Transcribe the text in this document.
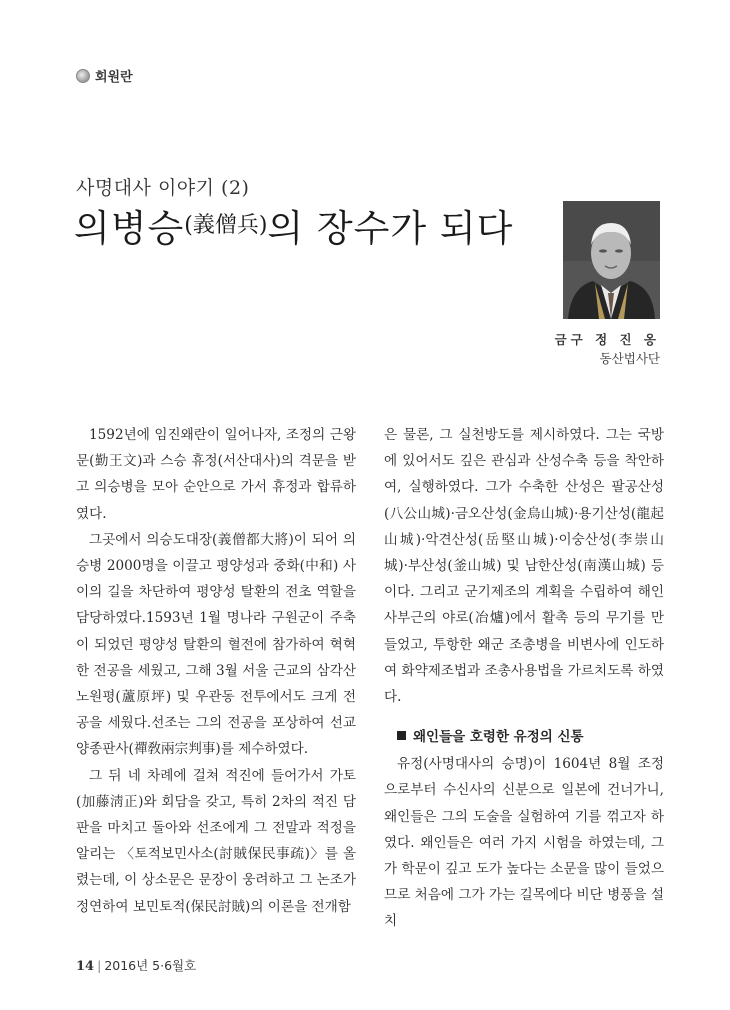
회원란
사명대사 이야기 (2)
의병승$^{(義僧兵)}$의 장수가 되다
금구 정 진 옹
동산법사단

1592년에 임진왜란이 일어나자, 조정의 근왕문(勤王文)과 스승 휴정(서산대사)의 격문을 받고 의승병을 모아 순안으로 가서 휴정과 합류하였다.

그곳에서 의승도대장(義僧都大將)이 되어 의승병 2000명을 이끌고 평양성과 중화(中和) 사이의 길을 차단하여 평양성 탈환의 전초 역할을 담당하였다.1593년 1월 명나라 구원군이 주축이 되었던 평양성 탈환의 혈전에 참가하여 혁혁한 전공을 세웠고, 그해 3월 서울 근교의 삼각산 노원평(蘆原坪) 및 우관동 전투에서도 크게 전공을 세웠다.선조는 그의 전공을 포상하여 선교양종판사(禪敎兩宗判事)를 제수하였다.

그 뒤 네 차례에 걸쳐 적진에 들어가서 가토(加藤淸正)와 회담을 갖고, 특히 2차의 적진 담판을 마치고 돌아와 선조에게 그 전말과 적정을 알리는 〈토적보민사소(討賊保民事疏)〉를 올렸는데, 이 상소문은 문장이 웅려하고 그 논조가 정연하여 보민토적(保民討賊)의 이론을 전개함

은 물론, 그 실천방도를 제시하였다. 그는 국방에 있어서도 깊은 관심과 산성수축 등을 착안하여, 실행하였다. 그가 수축한 산성은 팔공산성(八公山城)·금오산성(金烏山城)·용기산성(龍起山城)·악견산성(岳堅山城)·이숭산성(李崇山城)·부산성(釜山城) 및 남한산성(南漢山城) 등이다. 그리고 군기제조의 계획을 수립하여 해인사부근의 야로(冶爐)에서 활촉 등의 무기를 만들었고, 투항한 왜군 조총병을 비변사에 인도하여 화약제조법과 조총사용법을 가르치도록 하였다.

왜인들을 호령한 유정의 신통

유정(사명대사의 승명)이 1604년 8월 조정으로부터 수신사의 신분으로 일본에 건너가니, 왜인들은 그의 도술을 실험하여 기를 꺾고자 하였다. 왜인들은 여러 가지 시험을 하였는데, 그가 학문이 깊고 도가 높다는 소문을 많이 들었으므로 처음에 그가 가는 길목에다 비단 병풍을 설치

14 | 2016년 5·6월호
